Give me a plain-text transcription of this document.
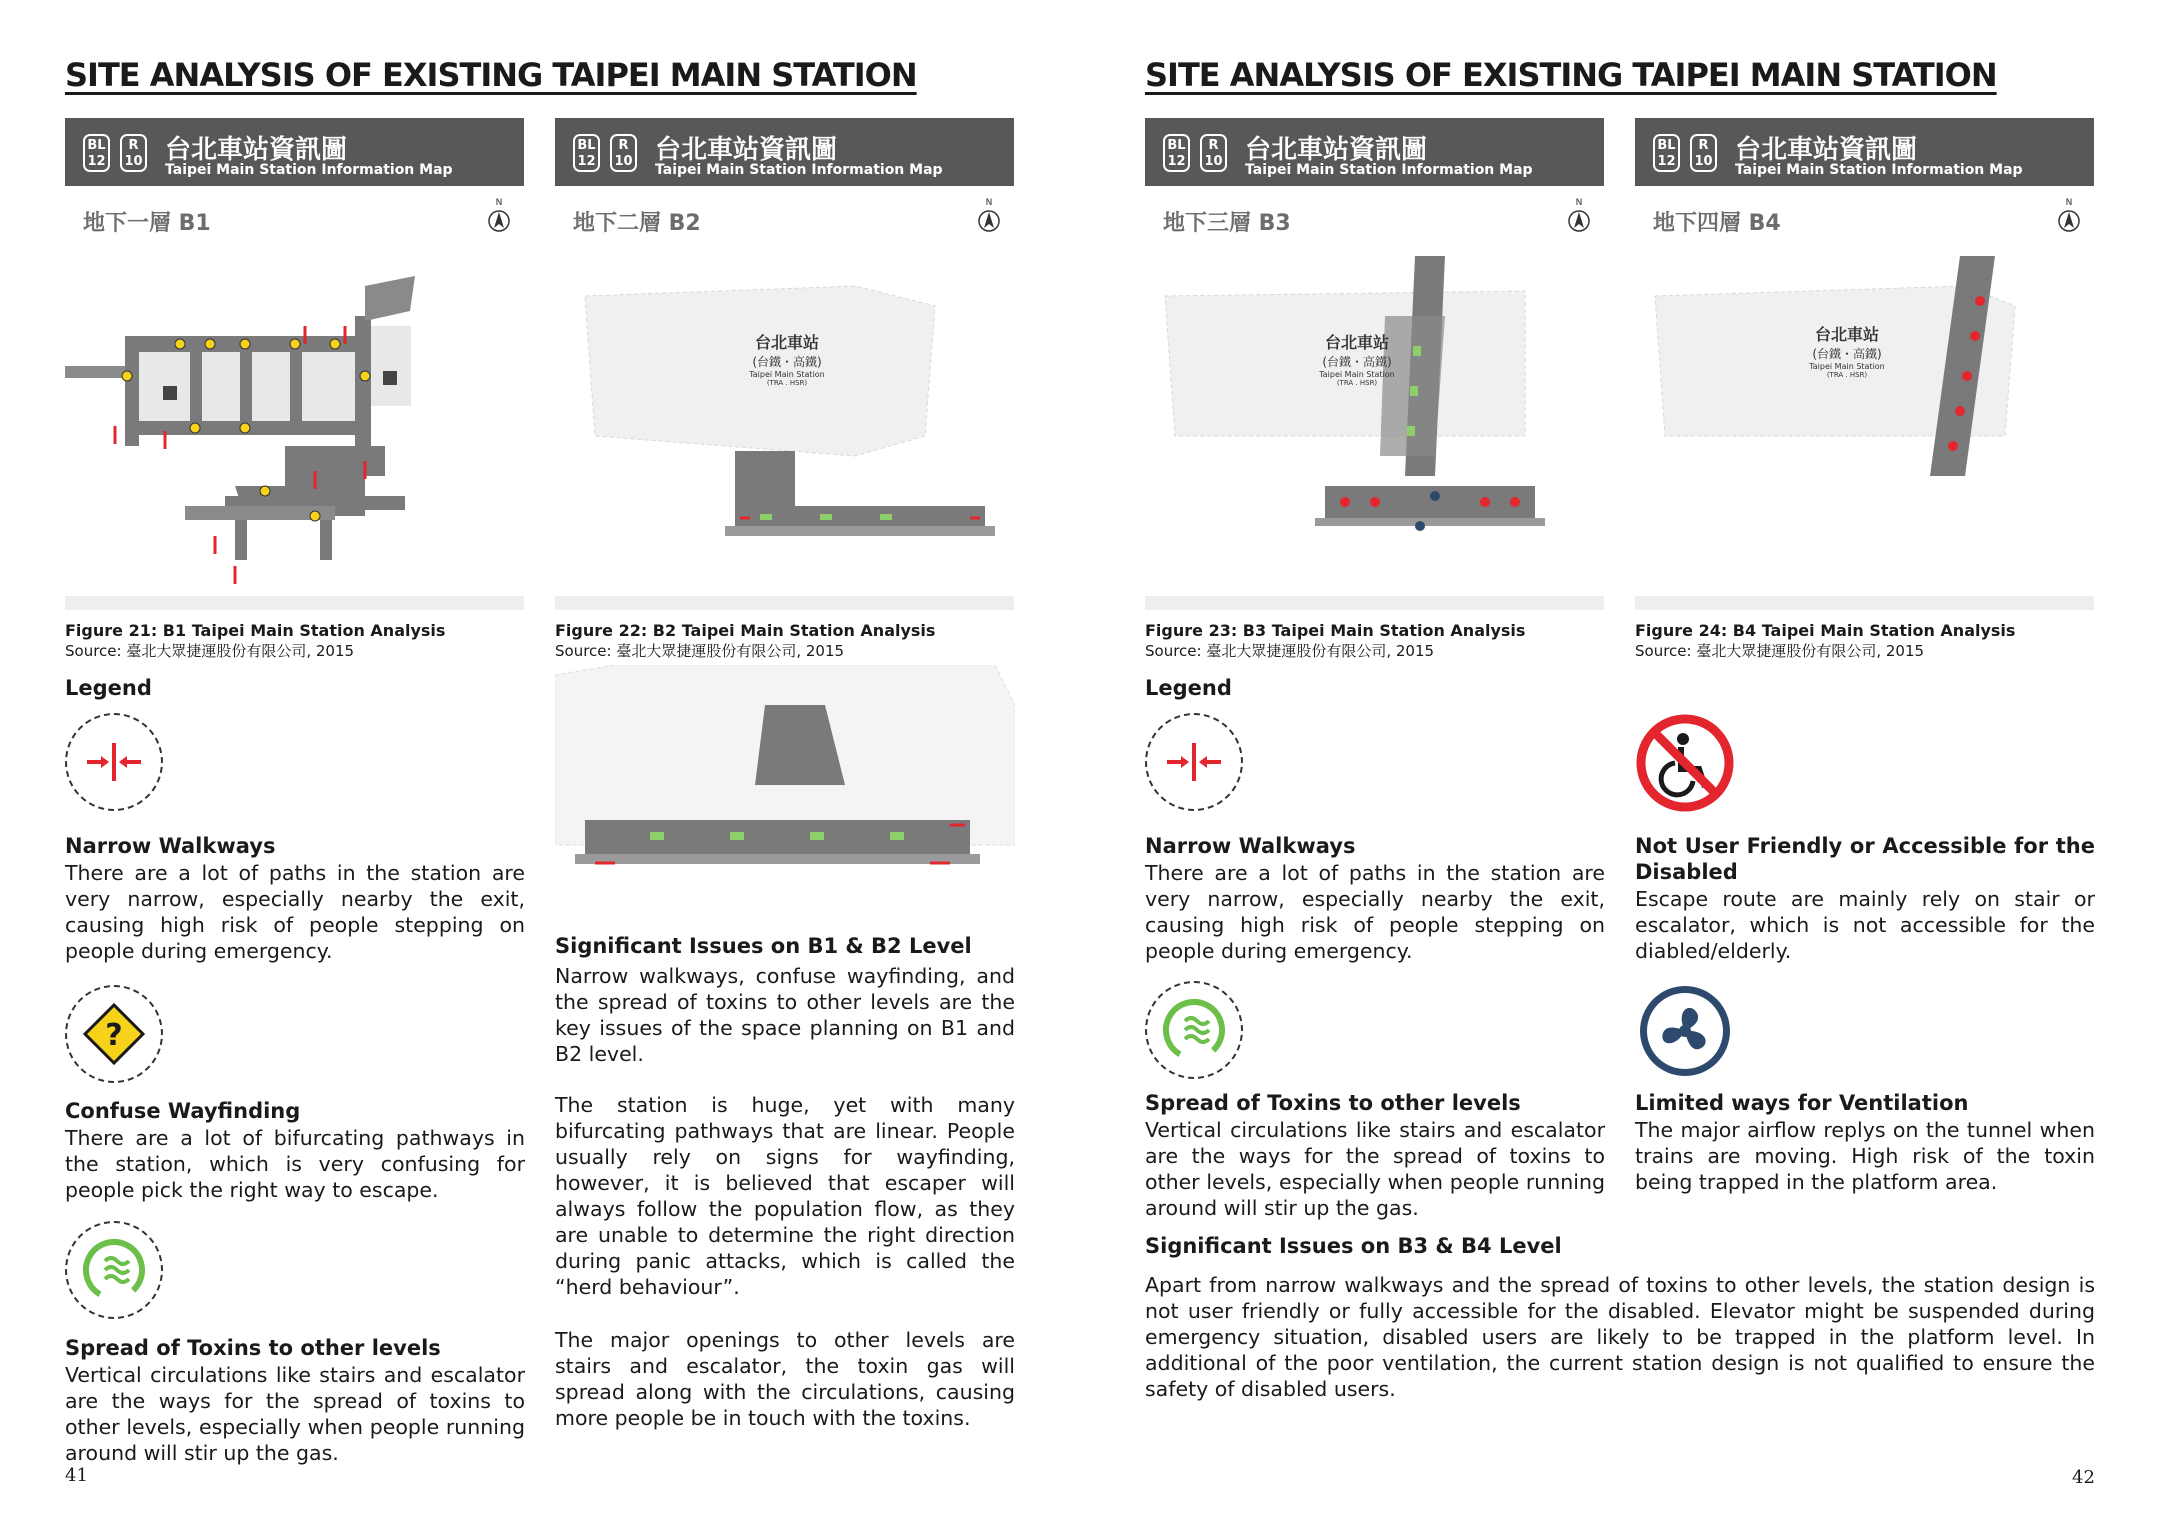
SITE ANALYSIS OF EXISTING TAIPEI MAIN STATION
BL
12
R
10 台北車站資訊圖
Taipei Main Station Information Map
地下一層 B1
N

BL
12
R
10 台北車站資訊圖
Taipei Main Station Information Map
地下二層 B2
N

台北車站
(台鐵・高鐵)
Taipei Main Station
(TRA . HSR)
Figure 21: B1 Taipei Main Station Analysis
Source: 臺北大眾捷運股份有限公司, 2015
Figure 22: B2 Taipei Main Station Analysis
Source: 臺北大眾捷運股份有限公司, 2015
Legend
Narrow Walkways
There are a lot of paths in the station are very narrow, especially nearby the exit, causing high risk of people stepping on people during emergency.
?
Confuse Wayfinding
There are a lot of bifurcating pathways in the station, which is very confusing for people pick the right way to escape.
Spread of Toxins to other levels
Vertical circulations like stairs and escalator are the ways for the spread of toxins to other levels, especially when people running around will stir up the gas.
41
Significant Issues on B1 & B2 Level
Narrow walkways, confuse wayfinding, and the spread of toxins to other levels are the key issues of the space planning on B1 and B2 level.
The station is huge, yet with many bifurcating pathways that are linear. People usually rely on signs for wayfinding, however, it is believed that escaper will always follow the population flow, as they are unable to determine the right direction during panic attacks, which is called the “herd behaviour”.
The major openings to other levels are stairs and escalator, the toxin gas will spread along with the circulations, causing more people be in touch with the toxins.
SITE ANALYSIS OF EXISTING TAIPEI MAIN STATION
BL
12
R
10 台北車站資訊圖
Taipei Main Station Information Map
地下三層 B3
N

台北車站
(台鐵・高鐵)
Taipei Main Station
(TRA . HSR)
BL
12
R
10 台北車站資訊圖
Taipei Main Station Information Map
地下四層 B4
N

台北車站
(台鐵・高鐵)
Taipei Main Station
(TRA . HSR)
Figure 23: B3 Taipei Main Station Analysis
Source: 臺北大眾捷運股份有限公司, 2015
Figure 24: B4 Taipei Main Station Analysis
Source: 臺北大眾捷運股份有限公司, 2015
Legend
Narrow Walkways
There are a lot of paths in the station are very narrow, especially nearby the exit, causing high risk of people stepping on people during emergency.
Spread of Toxins to other levels
Vertical circulations like stairs and escalator are the ways for the spread of toxins to other levels, especially when people running around will stir up the gas.
Not User Friendly or Accessible for the Disabled
Escape route are mainly rely on stair or escalator, which is not accessible for the diabled/elderly.
Limited ways for Ventilation
The major airflow replys on the tunnel when trains are moving. High risk of the toxin being trapped in the platform area.
Significant Issues on B3 & B4 Level
Apart from narrow walkways and the spread of toxins to other levels, the station design is not user friendly or fully accessible for the disabled. Elevator might be suspended during emergency situation, disabled users are likely to be trapped in the platform level. In additional of the poor ventilation, the current station design is not qualified to ensure the safety of disabled users.
42
